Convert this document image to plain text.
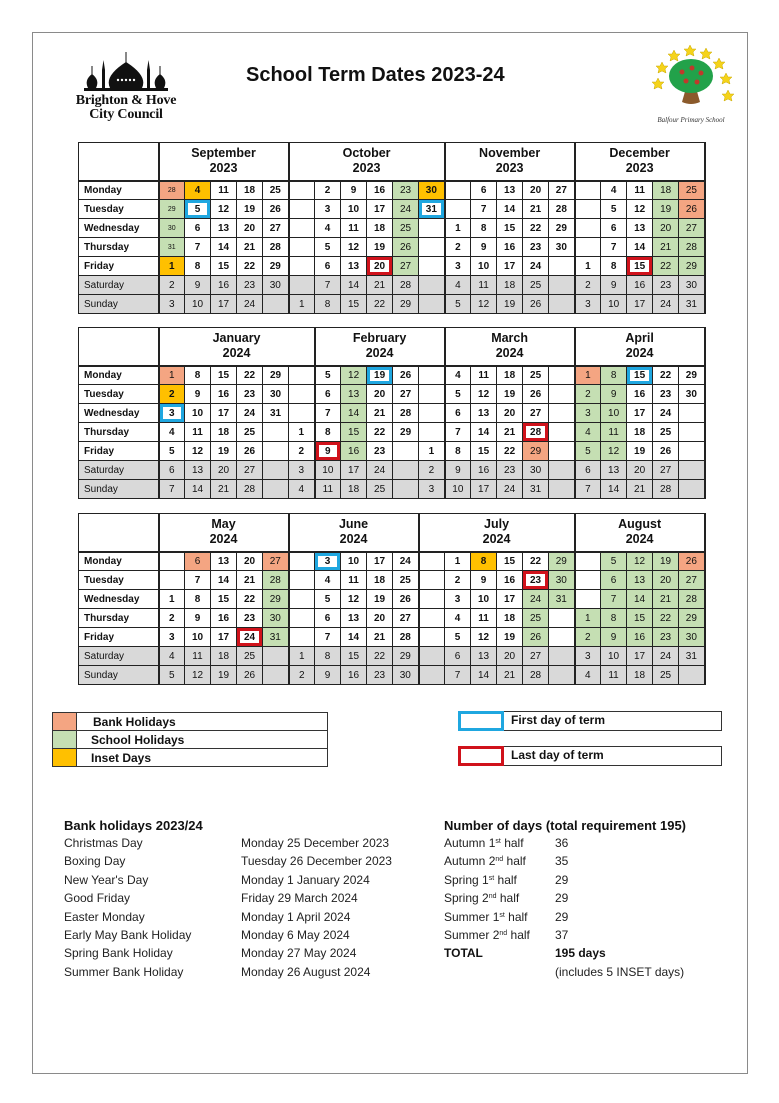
Brighton & Hove
City Council
School Term Dates 2023-24
Balfour Primary School
	September
2023					October
2023						November
2023					December
2023				
Monday	28	4	11	18	25		2	9	16	23	30		6	13	20	27		4	11	18	25
Tuesday	29	5	12	19	26		3	10	17	24	31		7	14	21	28		5	12	19	26
Wednesday	30	6	13	20	27		4	11	18	25		1	8	15	22	29		6	13	20	27
Thursday	31	7	14	21	28		5	12	19	26		2	9	16	23	30		7	14	21	28
Friday	1	8	15	22	29		6	13	20	27		3	10	17	24		1	8	15	22	29
Saturday	2	9	16	23	30		7	14	21	28		4	11	18	25		2	9	16	23	30
Sunday	3	10	17	24		1	8	15	22	29		5	12	19	26		3	10	17	24	31
	January
2024						February
2024					March
2024					April
2024				
Monday	1	8	15	22	29		5	12	19	26		4	11	18	25		1	8	15	22	29
Tuesday	2	9	16	23	30		6	13	20	27		5	12	19	26		2	9	16	23	30
Wednesday	3	10	17	24	31		7	14	21	28		6	13	20	27		3	10	17	24	
Thursday	4	11	18	25		1	8	15	22	29		7	14	21	28		4	11	18	25	
Friday	5	12	19	26		2	9	16	23		1	8	15	22	29		5	12	19	26	
Saturday	6	13	20	27		3	10	17	24		2	9	16	23	30		6	13	20	27	
Sunday	7	14	21	28		4	11	18	25		3	10	17	24	31		7	14	21	28	
	May
2024					June
2024					July
2024						August
2024				
Monday		6	13	20	27		3	10	17	24		1	8	15	22	29		5	12	19	26
Tuesday		7	14	21	28		4	11	18	25		2	9	16	23	30		6	13	20	27
Wednesday	1	8	15	22	29		5	12	19	26		3	10	17	24	31		7	14	21	28
Thursday	2	9	16	23	30		6	13	20	27		4	11	18	25		1	8	15	22	29
Friday	3	10	17	24	31		7	14	21	28		5	12	19	26		2	9	16	23	30
Saturday	4	11	18	25		1	8	15	22	29		6	13	20	27		3	10	17	24	31
Sunday	5	12	19	26		2	9	16	23	30		7	14	21	28		4	11	18	25	
	Bank Holidays
	School Holidays
	Inset Days
First day of term
Last day of term
Bank holidays 2023/24
Christmas Day	Monday 25 December 2023
Boxing Day	Tuesday 26 December 2023
New Year's Day	Monday 1 January 2024
Good Friday	Friday 29 March 2024
Easter Monday	Monday 1 April 2024
Early May Bank Holiday	Monday 6 May 2024
Spring Bank Holiday	Monday 27 May 2024
Summer Bank Holiday	Monday 26 August 2024
Number of days (total requirement 195)
Autumn 1st half	36
Autumn 2nd half	35
Spring 1st half	29
Spring 2nd half	29
Summer 1st half	29
Summer 2nd half	37
TOTAL	195 days
(includes 5 INSET days)
